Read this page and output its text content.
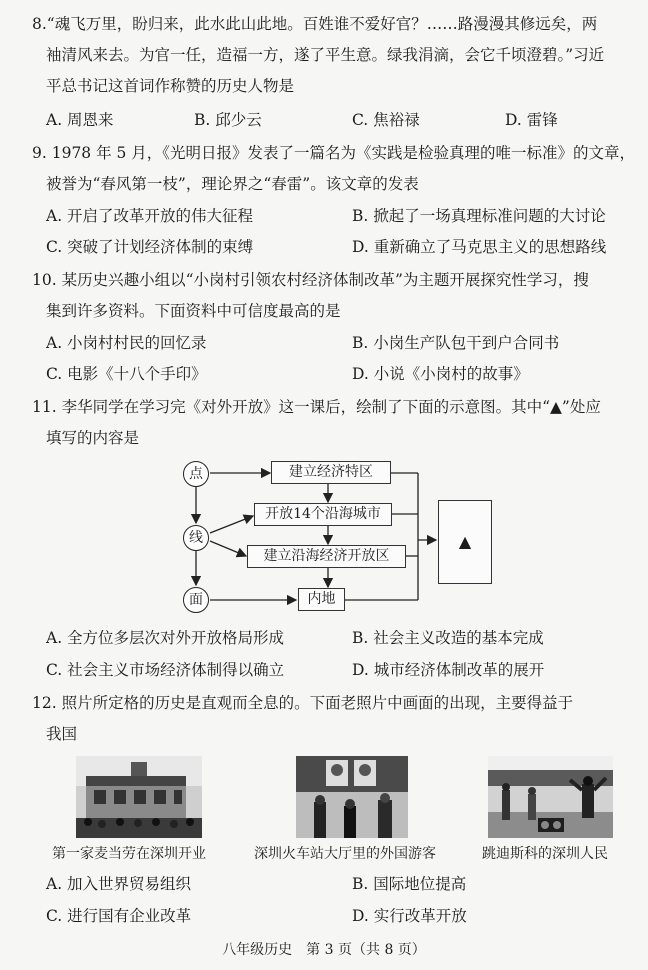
8.“魂飞万里，盼归来，此水此山此地。百姓谁不爱好官？……路漫漫其修远矣，两
袖清风来去。为官一任，造福一方，遂了平生意。绿我涓滴，会它千顷澄碧。”习近
平总书记这首词作称赞的历史人物是
A. 周恩来	B. 邱少云	C. 焦裕禄	D. 雷锋
9. 1978 年 5 月，《光明日报》发表了一篇名为《实践是检验真理的唯一标准》的文章，
被誉为“春风第一枝”，理论界之“春雷”。该文章的发表
A. 开启了改革开放的伟大征程	B. 掀起了一场真理标准问题的大讨论
C. 突破了计划经济体制的束缚	D. 重新确立了马克思主义的思想路线
10. 某历史兴趣小组以“小岗村引领农村经济体制改革”为主题开展探究性学习，搜
集到许多资料。下面资料中可信度最高的是
A. 小岗村村民的回忆录	B. 小岗生产队包干到户合同书
C. 电影《十八个手印》	D. 小说《小岗村的故事》
11. 李华同学在学习完《对外开放》这一课后，绘制了下面的示意图。其中“▲”处应
填写的内容是
点
线
面
建立经济特区
开放14个沿海城市
建立沿海经济开放区
内地
▲
A. 全方位多层次对外开放格局形成	B. 社会主义改造的基本完成
C. 社会主义市场经济体制得以确立	D. 城市经济体制改革的展开
12. 照片所定格的历史是直观而全息的。下面老照片中画面的出现，主要得益于
我国
第一家麦当劳在深圳开业	深圳火车站大厅里的外国游客	跳迪斯科的深圳人民
A. 加入世界贸易组织	B. 国际地位提高
C. 进行国有企业改革	D. 实行改革开放
八年级历史　第 3 页（共 8 页）
